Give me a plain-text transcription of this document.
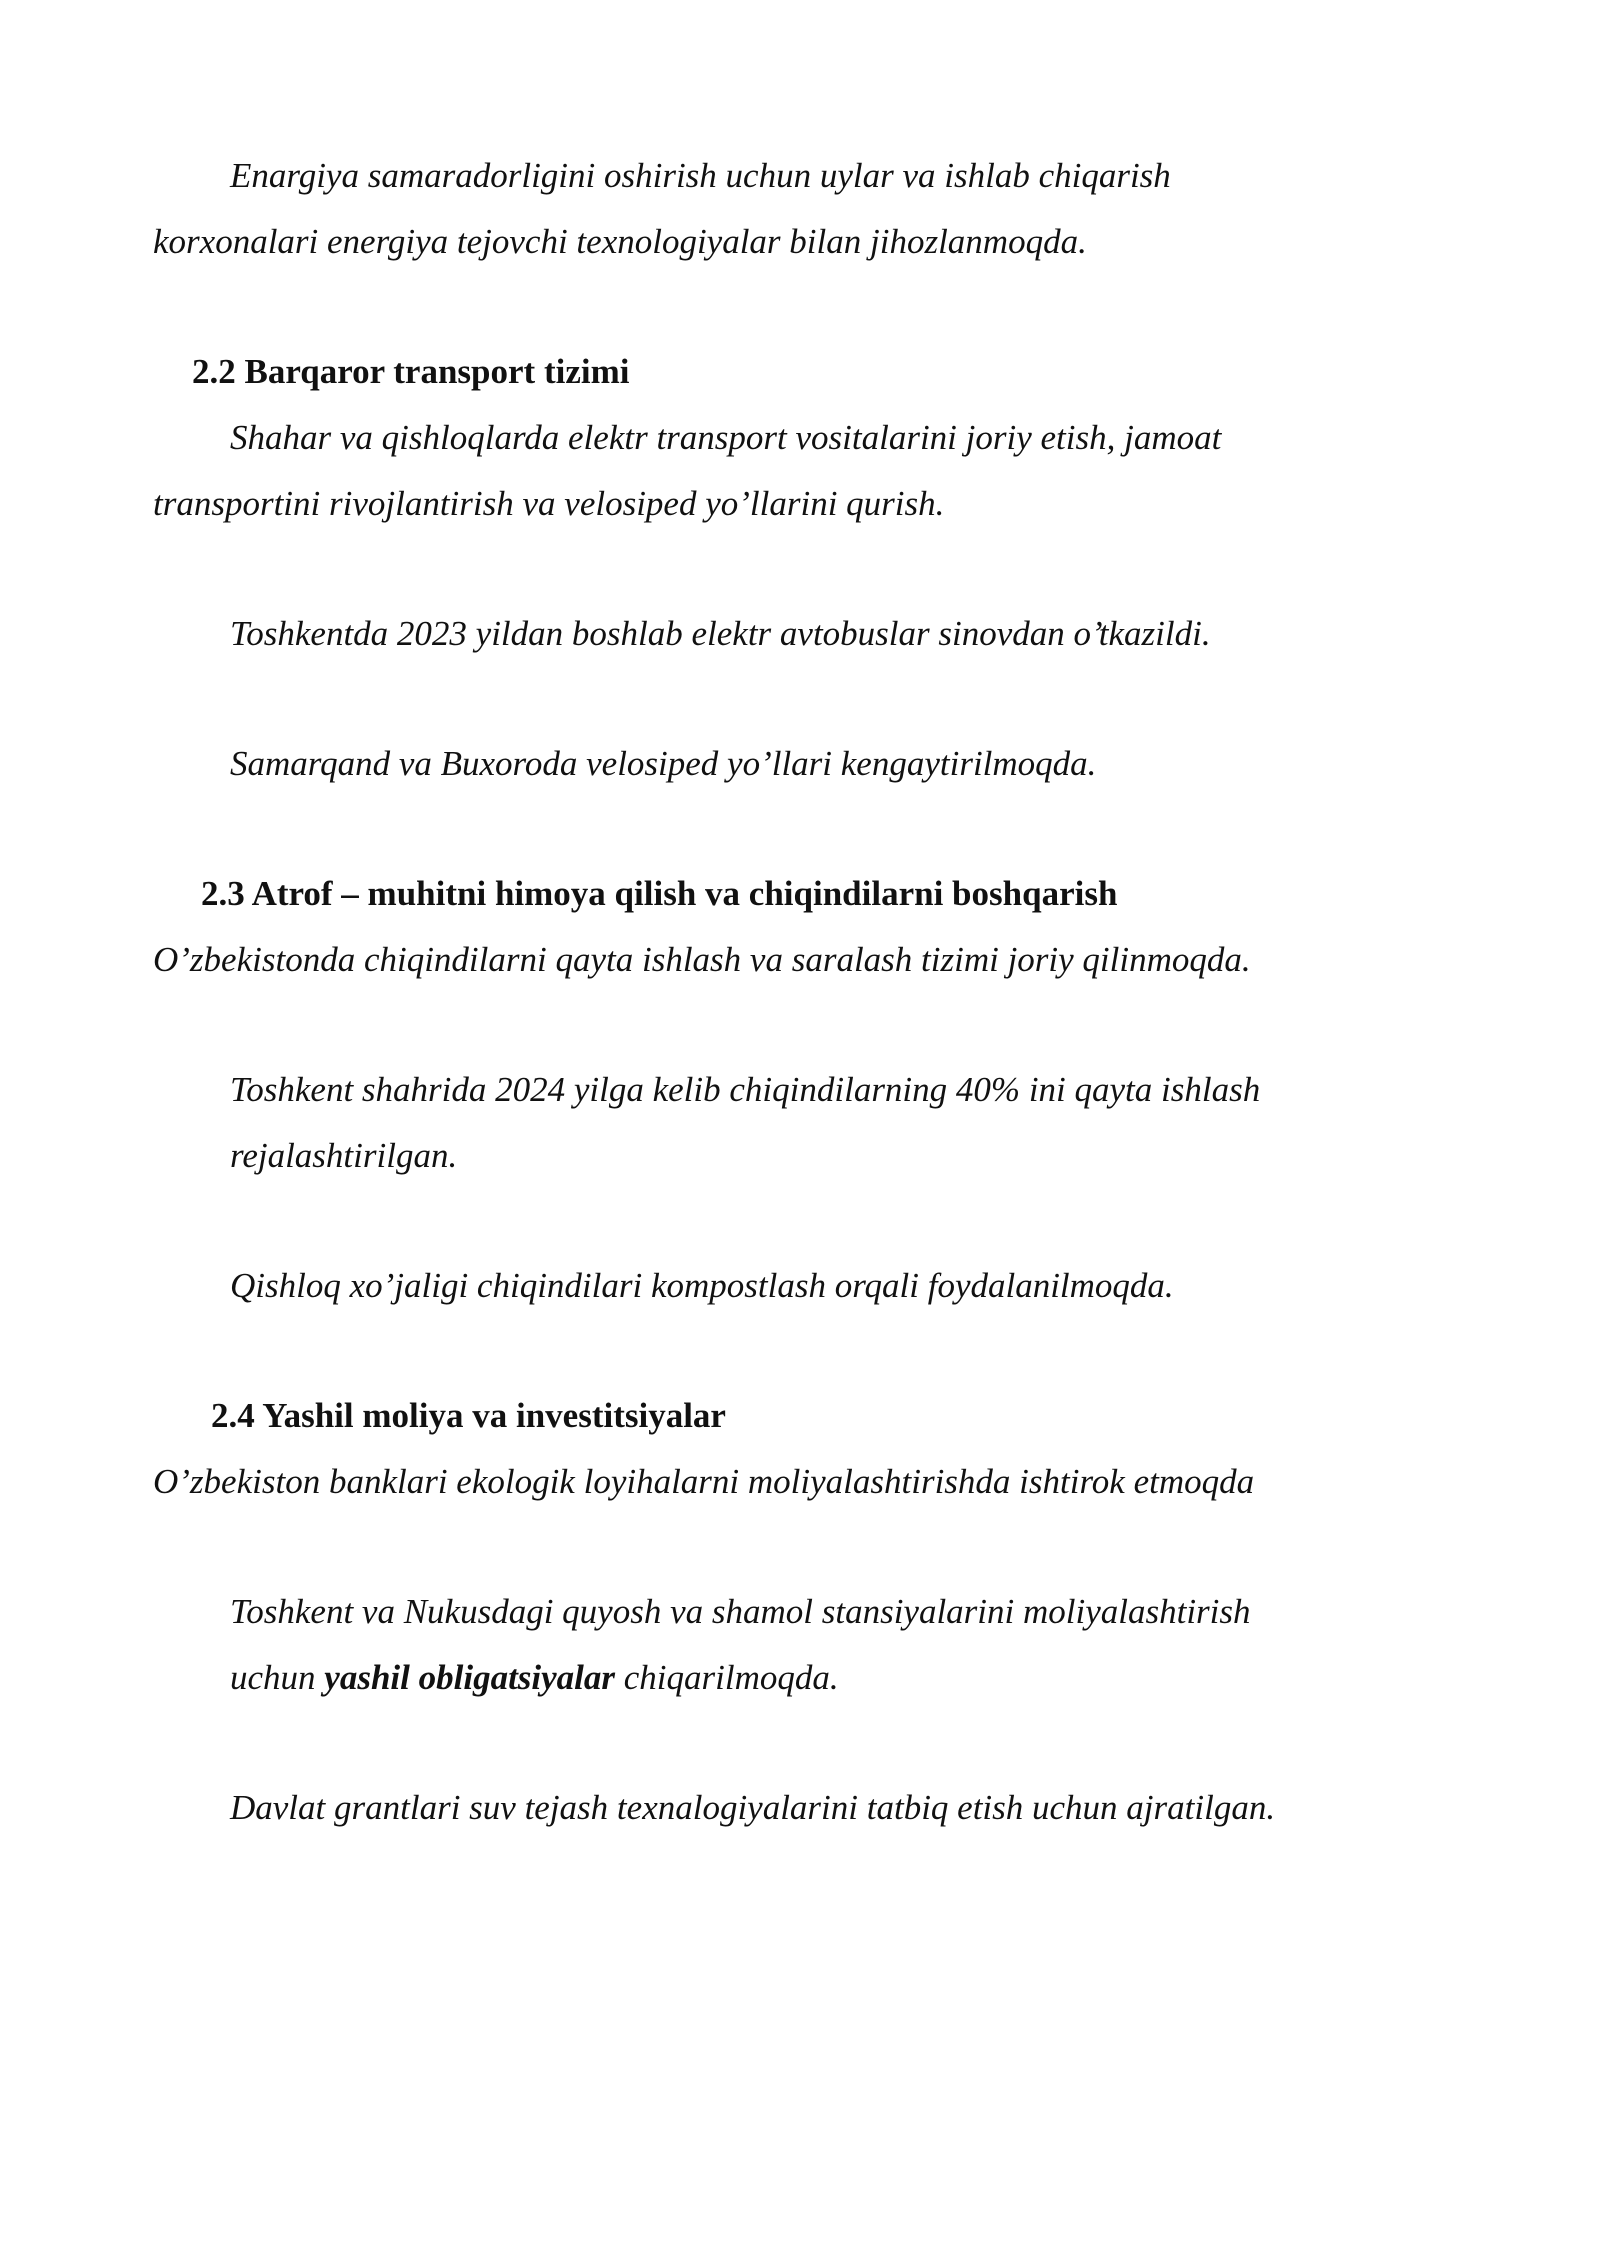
Enargiya samaradorligini oshirish uchun uylar va ishlab chiqarish
korxonalari energiya tejovchi texnologiyalar bilan jihozlanmoqda.
2.2 Barqaror transport tizimi
Shahar va qishloqlarda elektr transport vositalarini joriy etish, jamoat
transportini rivojlantirish va velosiped yo’llarini qurish.
Toshkentda 2023 yildan boshlab elektr avtobuslar sinovdan o’tkazildi.
Samarqand va Buxoroda velosiped yo’llari kengaytirilmoqda.
2.3 Atrof – muhitni himoya qilish va chiqindilarni boshqarish
O’zbekistonda chiqindilarni qayta ishlash va saralash tizimi joriy qilinmoqda.
Toshkent shahrida 2024 yilga kelib chiqindilarning 40% ini qayta ishlash
rejalashtirilgan.
Qishloq xo’jaligi chiqindilari kompostlash orqali foydalanilmoqda.
2.4 Yashil moliya va investitsiyalar
O’zbekiston banklari ekologik loyihalarni moliyalashtirishda ishtirok etmoqda
Toshkent va Nukusdagi quyosh va shamol stansiyalarini moliyalashtirish
uchun yashil obligatsiyalar chiqarilmoqda.
Davlat grantlari suv tejash texnalogiyalarini tatbiq etish uchun ajratilgan.
